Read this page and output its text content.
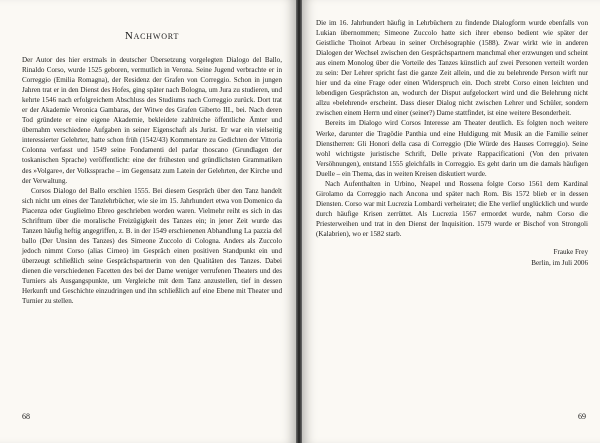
Nachwort

Der Autor des hier erstmals in deutscher Übersetzung vorgelegten Dialogo del Ballo, Rinaldo Corso, wurde 1525 geboren, vermutlich in Verona. Seine Jugend verbrachte er in Correggio (Emilia Romagna), der Residenz der Grafen von Correggio. Schon in jungen Jahren trat er in den Dienst des Hofes, ging später nach Bologna, um Jura zu studieren, und kehrte 1546 nach erfolgreichem Abschluss des Studiums nach Correggio zurück. Dort trat er der Akademie Veronica Gambaras, der Witwe des Grafen Giberto III., bei. Nach deren Tod gründete er eine eigene Akademie, bekleidete zahlreiche öffentliche Ämter und übernahm verschiedene Aufgaben in seiner Eigenschaft als Jurist. Er war ein vielseitig interessierter Gelehrter, hatte schon früh (1542/43) Kommentare zu Gedichten der Vittoria Colonna verfasst und 1549 seine Fondamenti del parlar thoscano (Grundlagen der toskanischen Sprache) veröffentlicht: eine der frühesten und gründlichsten Grammatiken des »Volgare«, der Volkssprache – im Gegensatz zum Latein der Gelehrten, der Kirche und der Verwaltung.

Corsos Dialogo del Ballo erschien 1555. Bei diesem Gespräch über den Tanz handelt sich nicht um eines der Tanzlehrbücher, wie sie im 15. Jahrhundert etwa von Domenico da Piacenza oder Guglielmo Ebreo geschrieben worden waren. Vielmehr reiht es sich in das Schrifttum über die moralische Freizügigkeit des Tanzes ein; in jener Zeit wurde das Tanzen häufig heftig angegriffen, z. B. in der 1549 erschienenen Abhandlung La pazzia del ballo (Der Unsinn des Tanzes) des Simeone Zuccolo di Cologna. Anders als Zuccolo jedoch nimmt Corso (alias Cirneo) im Gespräch einen positiven Standpunkt ein und überzeugt schließlich seine Gesprächspartnerin von den Qualitäten des Tanzes. Dabei dienen die verschiedenen Facetten des bei der Dame weniger verrufenen Theaters und des Turniers als Ausgangspunkte, um Vergleiche mit dem Tanz anzustellen, tief in dessen Herkunft und Geschichte einzudringen und ihn schließlich auf eine Ebene mit Theater und Turnier zu stellen.

68

Die im 16. Jahrhundert häufig in Lehrbüchern zu findende Dialogform wurde ebenfalls von Lukian übernommen; Simeone Zuccolo hatte sich ihrer ebenso bedient wie später der Geistliche Thoinot Arbeau in seiner Orchésographie (1588). Zwar wirkt wie in anderen Dialogen der Wechsel zwischen den Gesprächspartnern manchmal eher erzwungen und scheint aus einem Monolog über die Vorteile des Tanzes künstlich auf zwei Personen verteilt worden zu sein: Der Lehrer spricht fast die ganze Zeit allein, und die zu belehrende Person wirft nur hier und da eine Frage oder einen Widerspruch ein. Doch strebt Corso einen leichten und lebendigen Gesprächston an, wodurch der Disput aufgelockert wird und die Belehrung nicht allzu »belehrend« erscheint. Dass dieser Dialog nicht zwischen Lehrer und Schüler, sondern zwischen einem Herrn und einer (seiner?) Dame stattfindet, ist eine weitere Besonderheit.

Bereits im Dialogo wird Corsos Interesse am Theater deutlich. Es folgten noch weitere Werke, darunter die Tragödie Panthia und eine Huldigung mit Musik an die Familie seiner Dienstherren: Gli Honori della casa di Correggio (Die Würde des Hauses Correggio). Seine wohl wichtigste juristische Schrift, Delle private Rappacificationi (Von den privaten Versöhnungen), entstand 1555 gleichfalls in Correggio. Es geht darin um die damals häufigen Duelle – ein Thema, das in weiten Kreisen diskutiert wurde.

Nach Aufenthalten in Urbino, Neapel und Rossena folgte Corso 1561 dem Kardinal Girolamo da Correggio nach Ancona und später nach Rom. Bis 1572 blieb er in dessen Diensten. Corso war mit Lucrezia Lombardi verheiratet; die Ehe verlief unglücklich und wurde durch häufige Krisen zerrüttet. Als Lucrezia 1567 ermordet wurde, nahm Corso die Priesterweihen und trat in den Dienst der Inquisition. 1579 wurde er Bischof von Strongoli (Kalabrien), wo er 1582 starb.

Frauke Frey
Berlin, im Juli 2006
69
